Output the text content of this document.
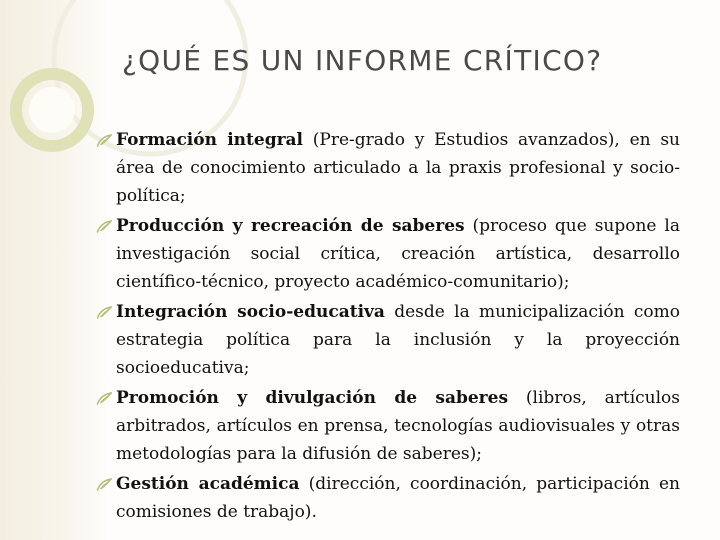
¿QUÉ ES UN INFORME CRÍTICO?
Formación integral (Pre-grado y Estudios avanzados), en su área de conocimiento articulado a la praxis profesional y socio-política;
Producción y recreación de saberes (proceso que supone la investigación social crítica, creación artística, desarrollo científico-técnico, proyecto académico-comunitario);
Integración socio-educativa desde la municipalización como estrategia política para la inclusión y la proyección socioeducativa;
Promoción y divulgación de saberes (libros, artículos arbitrados, artículos en prensa, tecnologías audiovisuales y otras metodologías para la difusión de saberes);
Gestión académica (dirección, coordinación, participación en comisiones de trabajo).
